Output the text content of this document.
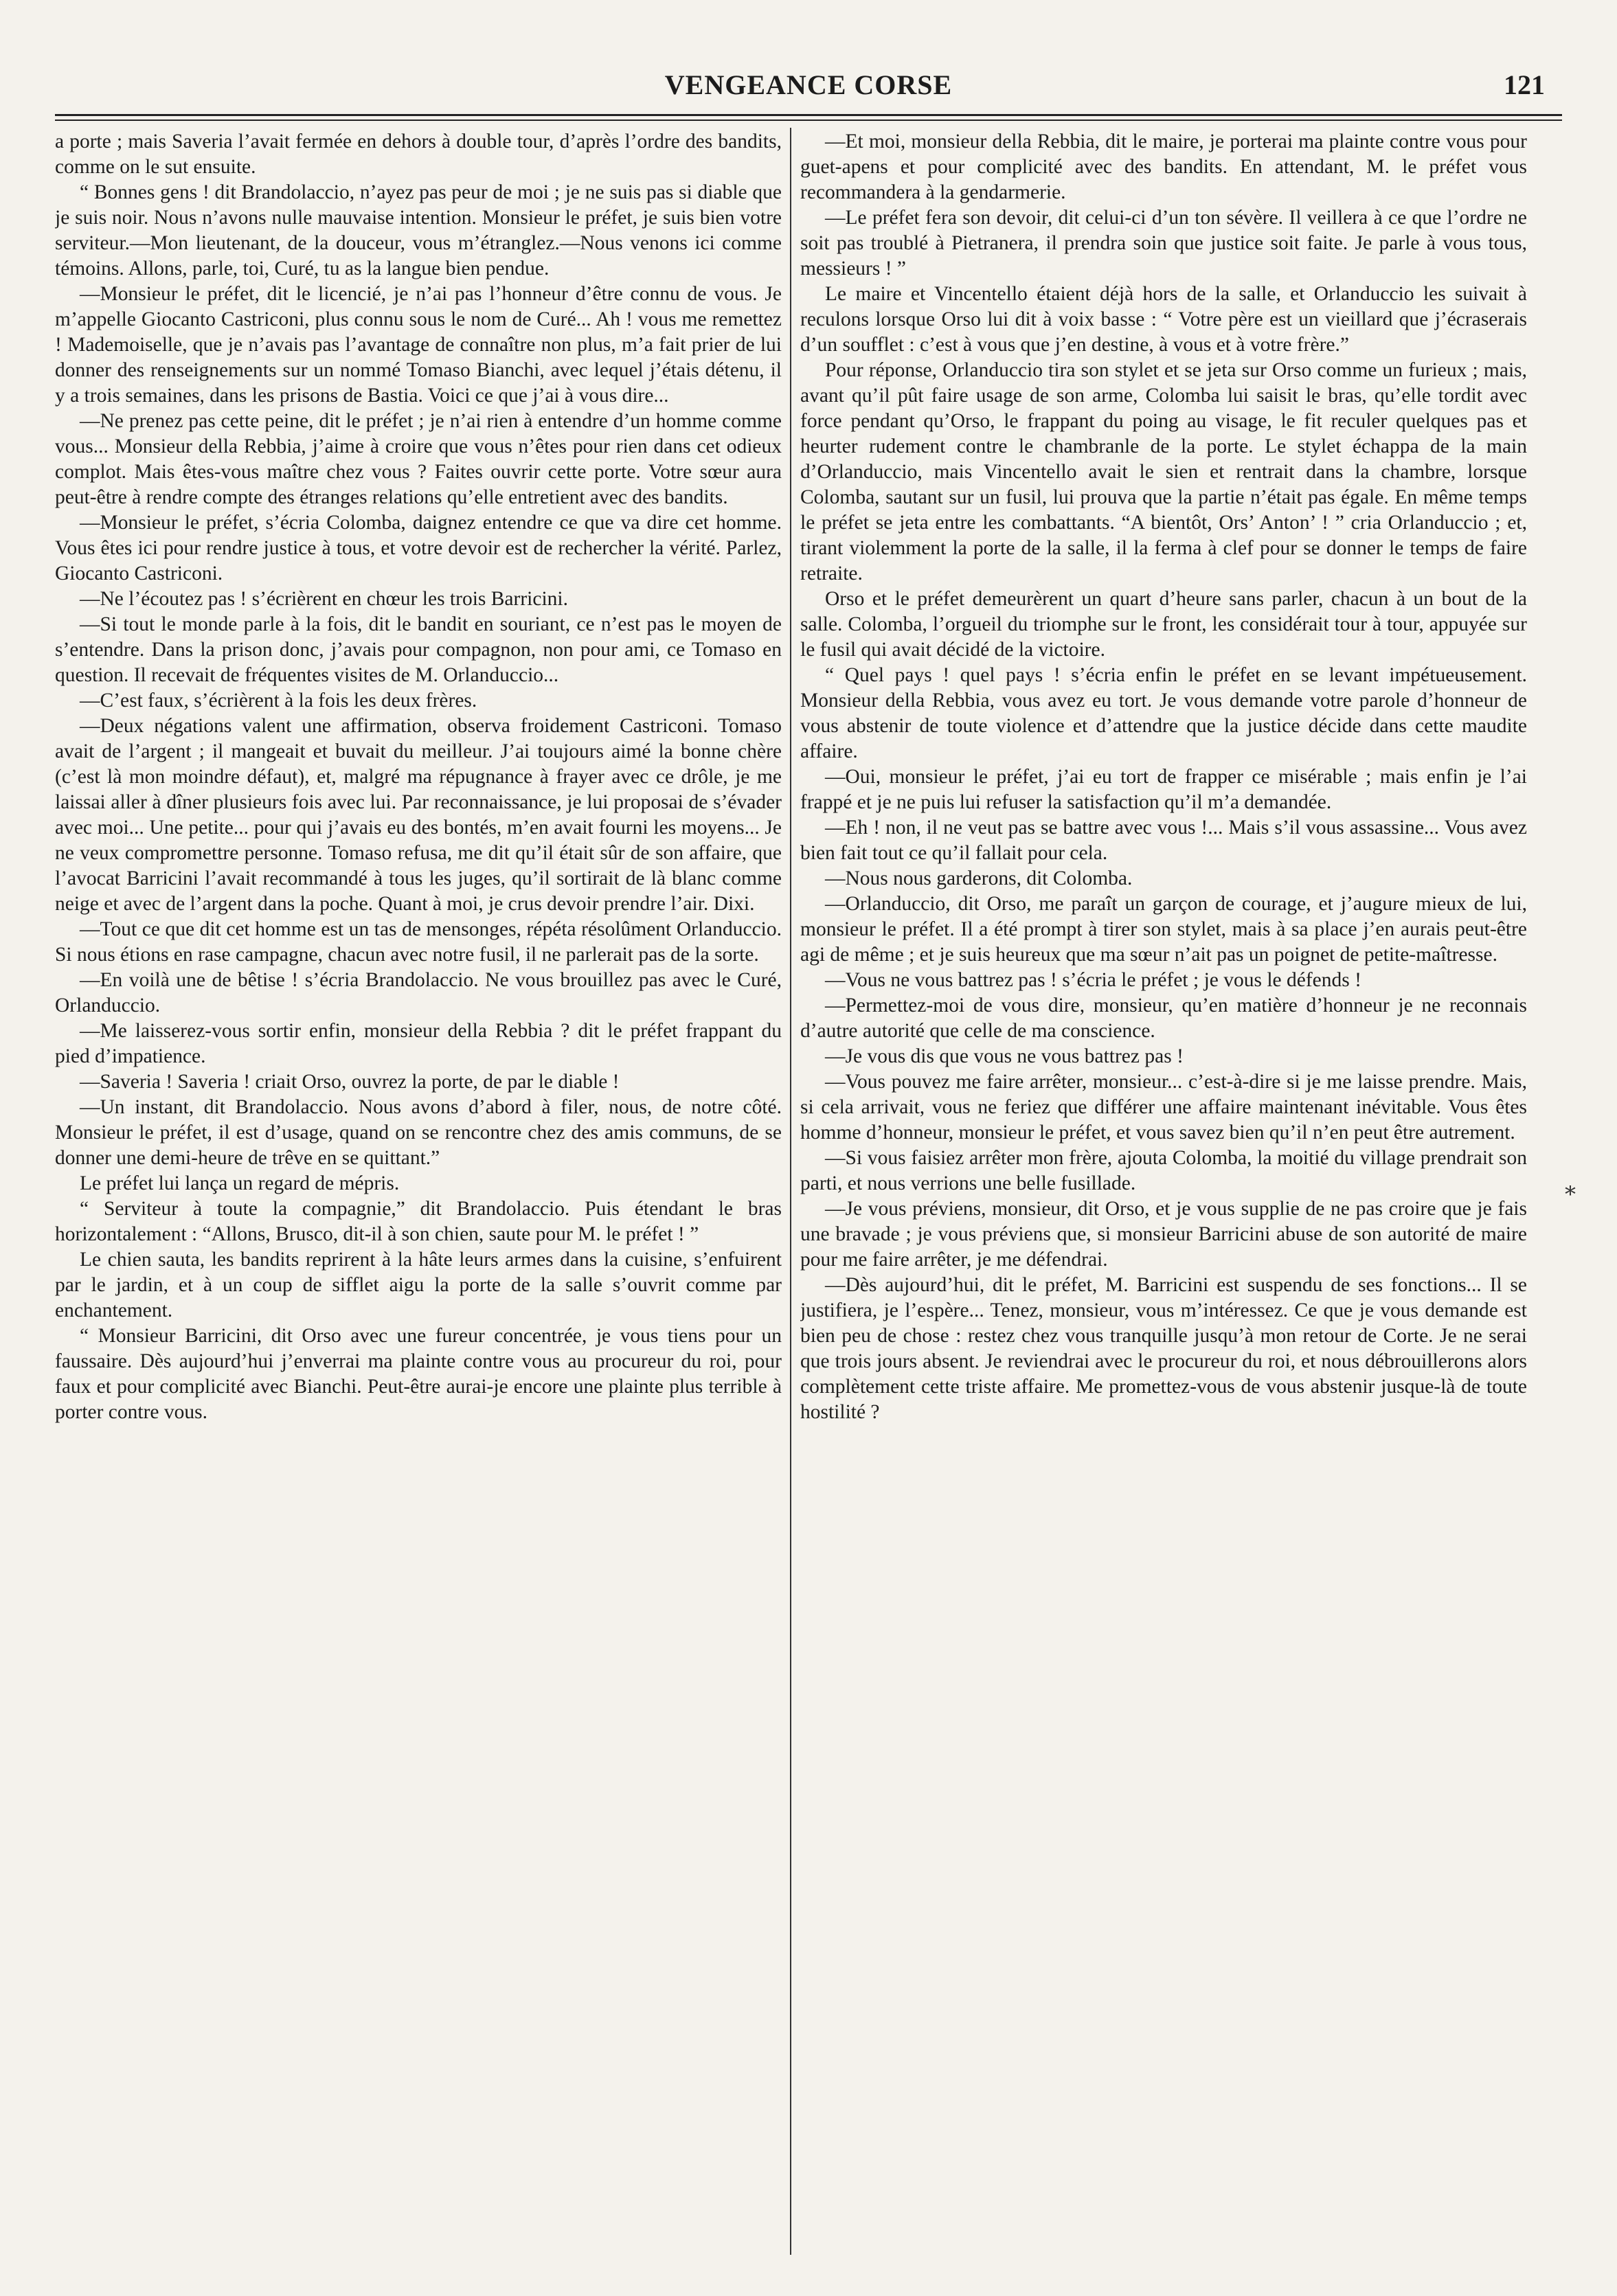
VENGEANCE CORSE	121

a porte ; mais Saveria l’avait fermée en dehors à double tour, d’après l’ordre des bandits, comme on le sut ensuite.

“ Bonnes gens ! dit Brandolaccio, n’ayez pas peur de moi ; je ne suis pas si diable que je suis noir. Nous n’avons nulle mauvaise intention. Monsieur le préfet, je suis bien votre serviteur.—Mon lieutenant, de la douceur, vous m’étranglez.—Nous venons ici comme témoins. Allons, parle, toi, Curé, tu as la langue bien pendue.

—Monsieur le préfet, dit le licencié, je n’ai pas l’honneur d’être connu de vous. Je m’appelle Giocanto Castriconi, plus connu sous le nom de Curé... Ah ! vous me remettez ! Mademoiselle, que je n’avais pas l’avantage de connaître non plus, m’a fait prier de lui donner des renseignements sur un nommé Tomaso Bianchi, avec lequel j’étais détenu, il y a trois semaines, dans les prisons de Bastia. Voici ce que j’ai à vous dire...

—Ne prenez pas cette peine, dit le préfet ; je n’ai rien à entendre d’un homme comme vous... Monsieur della Rebbia, j’aime à croire que vous n’êtes pour rien dans cet odieux complot. Mais êtes-vous maître chez vous ? Faites ouvrir cette porte. Votre sœur aura peut-être à rendre compte des étranges relations qu’elle entretient avec des bandits.

—Monsieur le préfet, s’écria Colomba, daignez entendre ce que va dire cet homme. Vous êtes ici pour rendre justice à tous, et votre devoir est de rechercher la vérité. Parlez, Giocanto Castriconi.

—Ne l’écoutez pas ! s’écrièrent en chœur les trois Barricini.

—Si tout le monde parle à la fois, dit le bandit en souriant, ce n’est pas le moyen de s’entendre. Dans la prison donc, j’avais pour compagnon, non pour ami, ce Tomaso en question. Il recevait de fréquentes visites de M. Orlanduccio...

—C’est faux, s’écrièrent à la fois les deux frères.

—Deux négations valent une affirmation, observa froidement Castriconi. Tomaso avait de l’argent ; il mangeait et buvait du meilleur. J’ai toujours aimé la bonne chère (c’est là mon moindre défaut), et, malgré ma répugnance à frayer avec ce drôle, je me laissai aller à dîner plusieurs fois avec lui. Par reconnaissance, je lui proposai de s’évader avec moi... Une petite... pour qui j’avais eu des bontés, m’en avait fourni les moyens... Je ne veux compromettre personne. Tomaso refusa, me dit qu’il était sûr de son affaire, que l’avocat Barricini l’avait recommandé à tous les juges, qu’il sortirait de là blanc comme neige et avec de l’argent dans la poche. Quant à moi, je crus devoir prendre l’air. Dixi.

—Tout ce que dit cet homme est un tas de mensonges, répéta résolûment Orlanduccio. Si nous étions en rase campagne, chacun avec notre fusil, il ne parlerait pas de la sorte.

—En voilà une de bêtise ! s’écria Brandolaccio. Ne vous brouillez pas avec le Curé, Orlanduccio.

—Me laisserez-vous sortir enfin, monsieur della Rebbia ? dit le préfet frappant du pied d’impatience.

—Saveria ! Saveria ! criait Orso, ouvrez la porte, de par le diable !

—Un instant, dit Brandolaccio. Nous avons d’abord à filer, nous, de notre côté. Monsieur le préfet, il est d’usage, quand on se rencontre chez des amis communs, de se donner une demi-heure de trêve en se quittant.”

Le préfet lui lança un regard de mépris.

“ Serviteur à toute la compagnie,” dit Brandolaccio. Puis étendant le bras horizontalement : “Allons, Brusco, dit-il à son chien, saute pour M. le préfet ! ”

Le chien sauta, les bandits reprirent à la hâte leurs armes dans la cuisine, s’enfuirent par le jardin, et à un coup de sifflet aigu la porte de la salle s’ouvrit comme par enchantement.

“ Monsieur Barricini, dit Orso avec une fureur concentrée, je vous tiens pour un faussaire. Dès aujourd’hui j’enverrai ma plainte contre vous au procureur du roi, pour faux et pour complicité avec Bianchi. Peut-être aurai-je encore une plainte plus terrible à porter contre vous.

—Et moi, monsieur della Rebbia, dit le maire, je porterai ma plainte contre vous pour guet-apens et pour complicité avec des bandits. En attendant, M. le préfet vous recommandera à la gendarmerie.

—Le préfet fera son devoir, dit celui-ci d’un ton sévère. Il veillera à ce que l’ordre ne soit pas troublé à Pietranera, il prendra soin que justice soit faite. Je parle à vous tous, messieurs ! ”

Le maire et Vincentello étaient déjà hors de la salle, et Orlanduccio les suivait à reculons lorsque Orso lui dit à voix basse : “ Votre père est un vieillard que j’écraserais d’un soufflet : c’est à vous que j’en destine, à vous et à votre frère.”

Pour réponse, Orlanduccio tira son stylet et se jeta sur Orso comme un furieux ; mais, avant qu’il pût faire usage de son arme, Colomba lui saisit le bras, qu’elle tordit avec force pendant qu’Orso, le frappant du poing au visage, le fit reculer quelques pas et heurter rudement contre le chambranle de la porte. Le stylet échappa de la main d’Orlanduccio, mais Vincentello avait le sien et rentrait dans la chambre, lorsque Colomba, sautant sur un fusil, lui prouva que la partie n’était pas égale. En même temps le préfet se jeta entre les combattants. “A bientôt, Ors’ Anton’ ! ” cria Orlanduccio ; et, tirant violemment la porte de la salle, il la ferma à clef pour se donner le temps de faire retraite.

Orso et le préfet demeurèrent un quart d’heure sans parler, chacun à un bout de la salle. Colomba, l’orgueil du triomphe sur le front, les considérait tour à tour, appuyée sur le fusil qui avait décidé de la victoire.

“ Quel pays ! quel pays ! s’écria enfin le préfet en se levant impétueusement. Monsieur della Rebbia, vous avez eu tort. Je vous demande votre parole d’honneur de vous abstenir de toute violence et d’attendre que la justice décide dans cette maudite affaire.

—Oui, monsieur le préfet, j’ai eu tort de frapper ce misérable ; mais enfin je l’ai frappé et je ne puis lui refuser la satisfaction qu’il m’a demandée.

—Eh ! non, il ne veut pas se battre avec vous !... Mais s’il vous assassine... Vous avez bien fait tout ce qu’il fallait pour cela.

—Nous nous garderons, dit Colomba.

—Orlanduccio, dit Orso, me paraît un garçon de courage, et j’augure mieux de lui, monsieur le préfet. Il a été prompt à tirer son stylet, mais à sa place j’en aurais peut-être agi de même ; et je suis heureux que ma sœur n’ait pas un poignet de petite-maîtresse.

—Vous ne vous battrez pas ! s’écria le préfet ; je vous le défends !

—Permettez-moi de vous dire, monsieur, qu’en matière d’honneur je ne reconnais d’autre autorité que celle de ma conscience.

—Je vous dis que vous ne vous battrez pas !

—Vous pouvez me faire arrêter, monsieur... c’est-à-dire si je me laisse prendre. Mais, si cela arrivait, vous ne feriez que différer une affaire maintenant inévitable. Vous êtes homme d’honneur, monsieur le préfet, et vous savez bien qu’il n’en peut être autrement.

—Si vous faisiez arrêter mon frère, ajouta Colomba, la moitié du village prendrait son parti, et nous verrions une belle fusillade.

—Je vous préviens, monsieur, dit Orso, et je vous supplie de ne pas croire que je fais une bravade ; je vous préviens que, si monsieur Barricini abuse de son autorité de maire pour me faire arrêter, je me défendrai.

—Dès aujourd’hui, dit le préfet, M. Barricini est suspendu de ses fonctions... Il se justifiera, je l’espère... Tenez, monsieur, vous m’intéressez. Ce que je vous demande est bien peu de chose : restez chez vous tranquille jusqu’à mon retour de Corte. Je ne serai que trois jours absent. Je reviendrai avec le procureur du roi, et nous débrouillerons alors complètement cette triste affaire. Me promettez-vous de vous abstenir jusque-là de toute hostilité ?

*
